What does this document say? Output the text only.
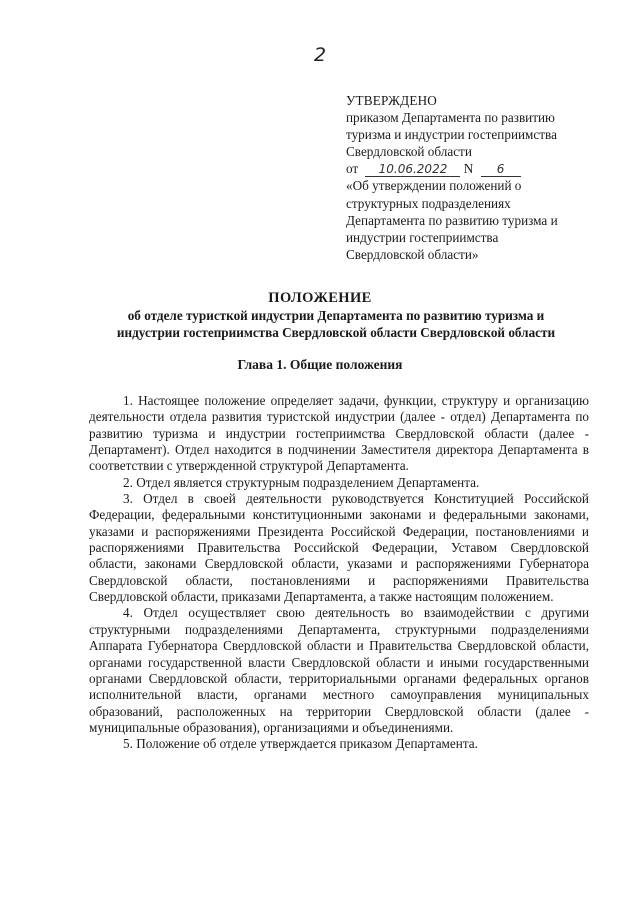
2
УТВЕРЖДЕНО
приказом Департамента по развитию
туризма и индустрии гостеприимства
Свердловской области
от 10.06.2022 N 6
«Об утверждении положений о
структурных подразделениях
Департамента по развитию туризма и
индустрии гостеприимства
Свердловской области»
ПОЛОЖЕНИЕ
об отделе туристкой индустрии Департамента по развитию туризма и индустрии гостеприимства Свердловской области Свердловской области
Глава 1. Общие положения

1. Настоящее положение определяет задачи, функции, структуру и организацию деятельности отдела развития туристской индустрии (далее - отдел) Департамента по развитию туризма и индустрии гостеприимства Свердловской области (далее - Департамент). Отдел находится в подчинении Заместителя директора Департамента в соответствии с утвержденной структурой Департамента.

2. Отдел является структурным подразделением Департамента.

3. Отдел в своей деятельности руководствуется Конституцией Российской Федерации, федеральными конституционными законами и федеральными законами, указами и распоряжениями Президента Российской Федерации, постановлениями и распоряжениями Правительства Российской Федерации, Уставом Свердловской области, законами Свердловской области, указами и распоряжениями Губернатора Свердловской области, постановлениями и распоряжениями Правительства Свердловской области, приказами Департамента, а также настоящим положением.

4. Отдел осуществляет свою деятельность во взаимодействии с другими структурными подразделениями Департамента, структурными подразделениями Аппарата Губернатора Свердловской области и Правительства Свердловской области, органами государственной власти Свердловской области и иными государственными органами Свердловской области, территориальными органами федеральных органов исполнительной власти, органами местного самоуправления муниципальных образований, расположенных на территории Свердловской области (далее - муниципальные образования), организациями и объединениями.

5. Положение об отделе утверждается приказом Департамента.
